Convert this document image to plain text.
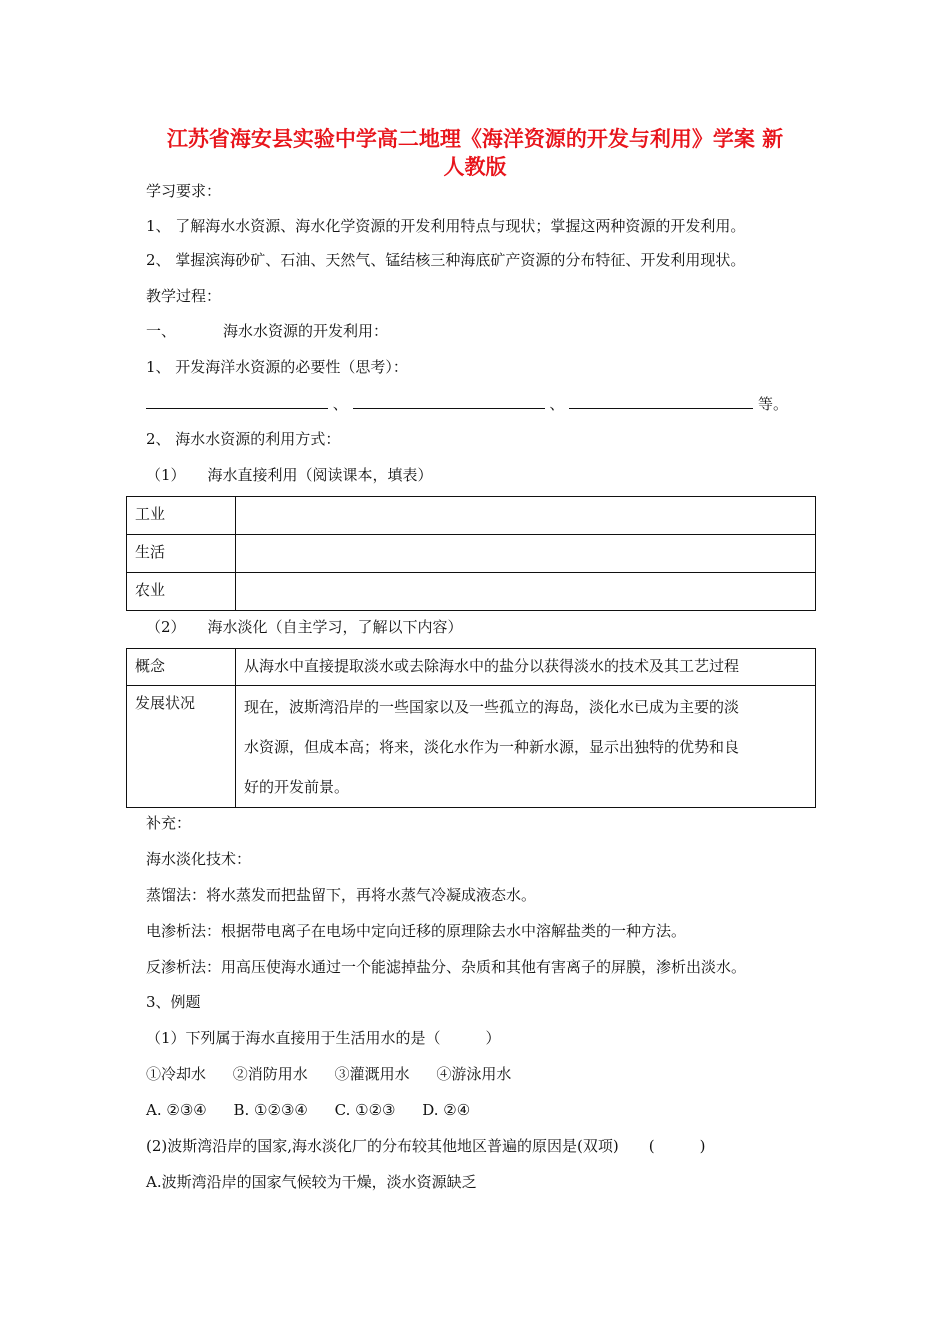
江苏省海安县实验中学高二地理《海洋资源的开发与利用》学案 新
人教版
学习要求：
1、 了解海水水资源、海水化学资源的开发利用特点与现状；掌握这两种资源的开发利用。
2、 掌握滨海砂矿、石油、天然气、锰结核三种海底矿产资源的分布特征、开发利用现状。
教学过程：
一、	海水水资源的开发利用：
1、 开发海洋水资源的必要性（思考）：
、	、	等。
2、 海水水资源的利用方式：
（1） 海水直接利用（阅读课本，填表）
工业	
生活	
农业	
（2） 海水淡化（自主学习，了解以下内容）
概念	从海水中直接提取淡水或去除海水中的盐分以获得淡水的技术及其工艺过程
发展状况	现在，波斯湾沿岸的一些国家以及一些孤立的海岛，淡化水已成为主要的淡
水资源，但成本高；将来，淡化水作为一种新水源，显示出独特的优势和良
好的开发前景。
补充：
海水淡化技术：
蒸馏法：将水蒸发而把盐留下，再将水蒸气冷凝成液态水。
电渗析法：根据带电离子在电场中定向迁移的原理除去水中溶解盐类的一种方法。
反渗析法：用高压使海水通过一个能滤掉盐分、杂质和其他有害离子的屏膜，渗析出淡水。
3、例题
（1）下列属于海水直接用于生活用水的是（　　　）
①冷却水 ②消防用水 ③灌溉用水 ④游泳用水
A. ②③④ B. ①②③④ C. ①②③ D. ②④
(2)波斯湾沿岸的国家,海水淡化厂的分布较其他地区普遍的原因是(双项)　　(　　　)
A.波斯湾沿岸的国家气候较为干燥，淡水资源缺乏
